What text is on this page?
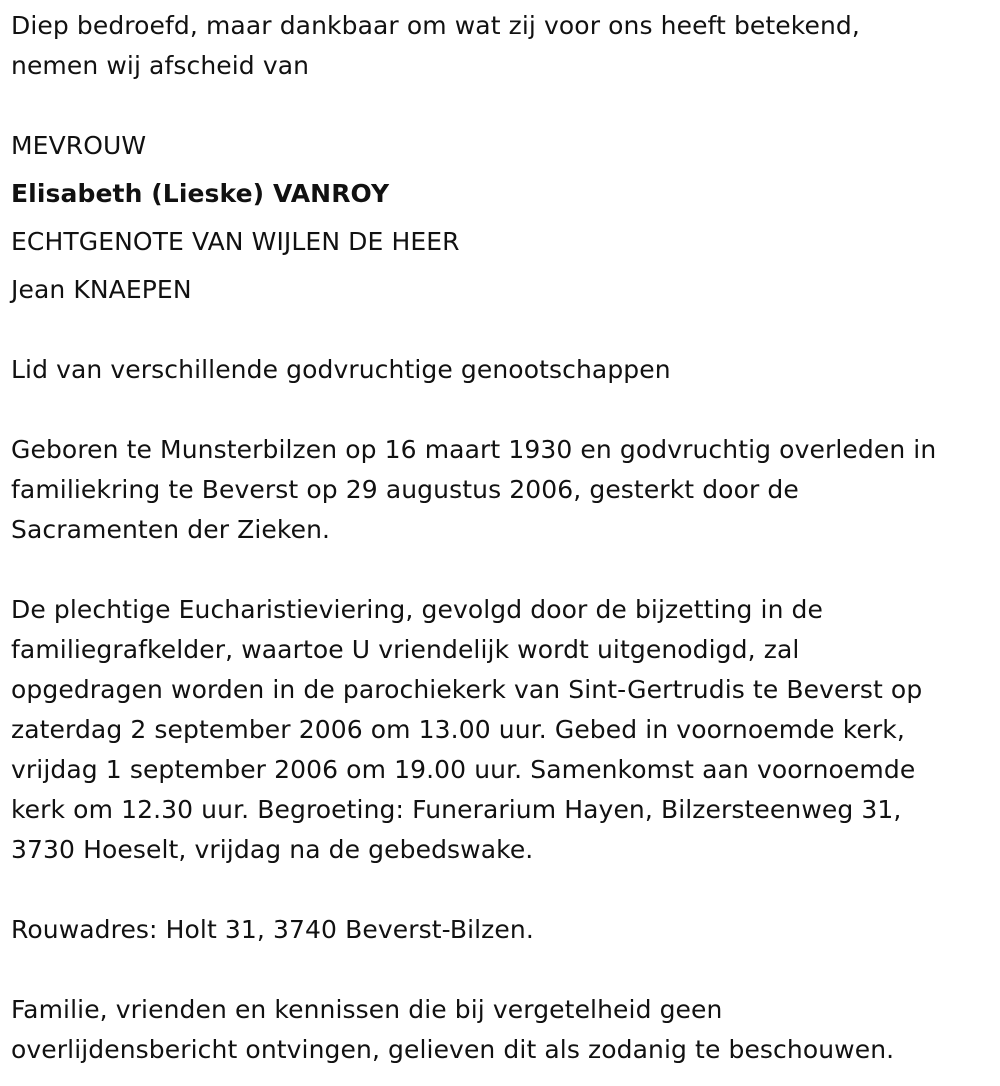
Diep bedroefd, maar dankbaar om wat zij voor ons heeft betekend,
nemen wij afscheid van
MEVROUW
Elisabeth (Lieske) VANROY
ECHTGENOTE VAN WIJLEN DE HEER
Jean KNAEPEN
Lid van verschillende godvruchtige genootschappen
Geboren te Munsterbilzen op 16 maart 1930 en godvruchtig overleden in
familiekring te Beverst op 29 augustus 2006, gesterkt door de
Sacramenten der Zieken.
De plechtige Eucharistieviering, gevolgd door de bijzetting in de
familiegrafkelder, waartoe U vriendelijk wordt uitgenodigd, zal
opgedragen worden in de parochiekerk van Sint-Gertrudis te Beverst op
zaterdag 2 september 2006 om 13.00 uur. Gebed in voornoemde kerk,
vrijdag 1 september 2006 om 19.00 uur. Samenkomst aan voornoemde
kerk om 12.30 uur. Begroeting: Funerarium Hayen, Bilzersteenweg 31,
3730 Hoeselt, vrijdag na de gebedswake.
Rouwadres: Holt 31, 3740 Beverst-Bilzen.
Familie, vrienden en kennissen die bij vergetelheid geen
overlijdensbericht ontvingen, gelieven dit als zodanig te beschouwen.
